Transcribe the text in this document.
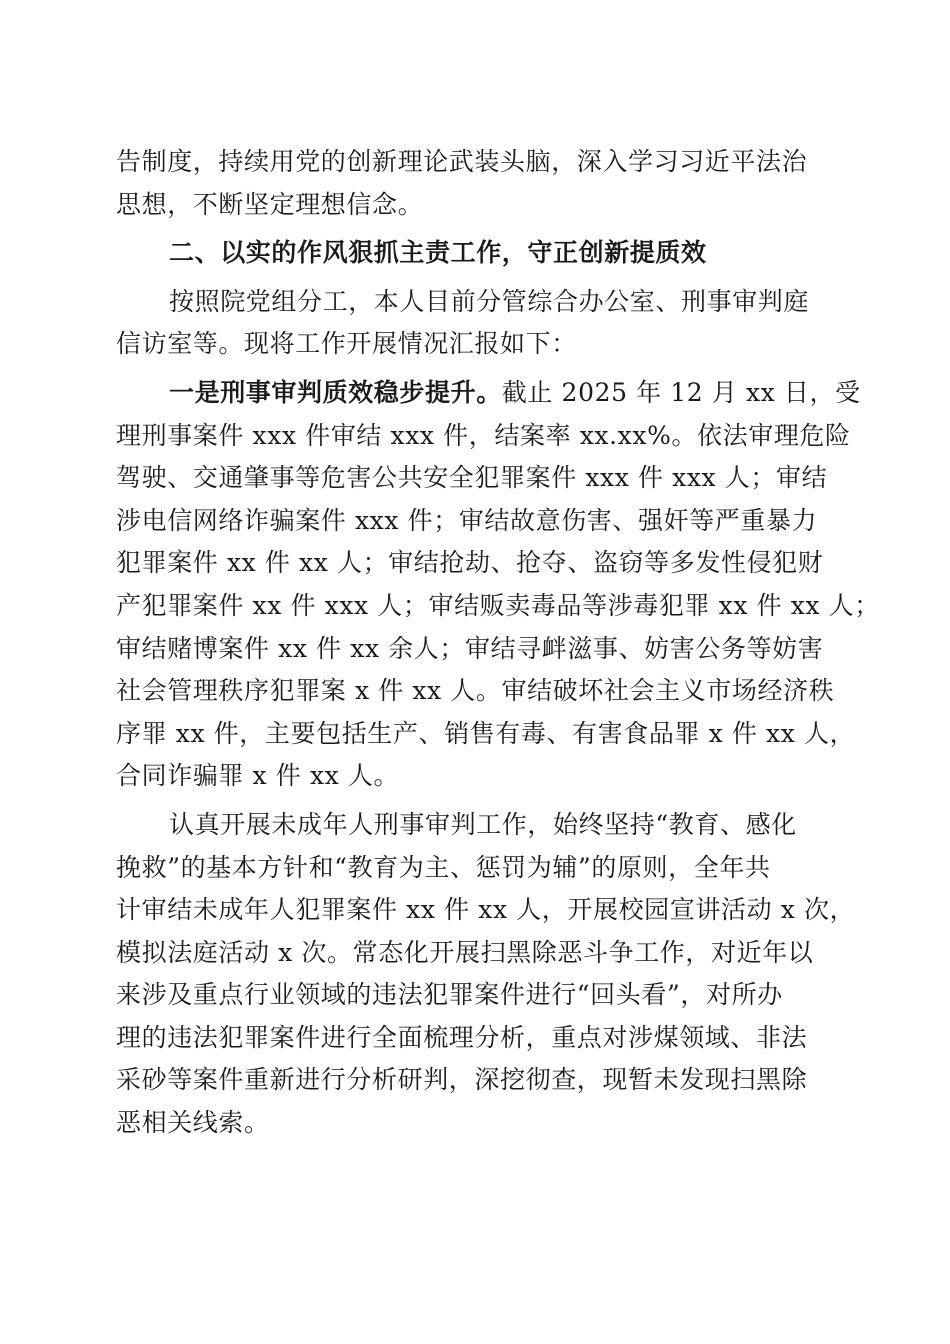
告制度，持续用党的创新理论武装头脑，深入学习习近平法治
思想，不断坚定理想信念。
二、以实的作风狠抓主责工作，守正创新提质效
按照院党组分工，本人目前分管综合办公室、刑事审判庭
信访室等。现将工作开展情况汇报如下：
一是刑事审判质效稳步提升。截止 2025 年 12 月 xx 日，受
理刑事案件 xxx 件审结 xxx 件，结案率 xx.xx%。依法审理危险
驾驶、交通肇事等危害公共安全犯罪案件 xxx 件 xxx 人；审结
涉电信网络诈骗案件 xxx 件；审结故意伤害、强奸等严重暴力
犯罪案件 xx 件 xx 人；审结抢劫、抢夺、盗窃等多发性侵犯财
产犯罪案件 xx 件 xxx 人；审结贩卖毒品等涉毒犯罪 xx 件 xx 人；
审结赌博案件 xx 件 xx 余人；审结寻衅滋事、妨害公务等妨害
社会管理秩序犯罪案 x 件 xx 人。审结破坏社会主义市场经济秩
序罪 xx 件，主要包括生产、销售有毒、有害食品罪 x 件 xx 人，
合同诈骗罪 x 件 xx 人。
认真开展未成年人刑事审判工作，始终坚持“教育、感化
挽救”的基本方针和“教育为主、惩罚为辅”的原则，全年共
计审结未成年人犯罪案件 xx 件 xx 人，开展校园宣讲活动 x 次，
模拟法庭活动 x 次。常态化开展扫黑除恶斗争工作，对近年以
来涉及重点行业领域的违法犯罪案件进行“回头看”，对所办
理的违法犯罪案件进行全面梳理分析，重点对涉煤领域、非法
采砂等案件重新进行分析研判，深挖彻查，现暂未发现扫黑除
恶相关线索。
